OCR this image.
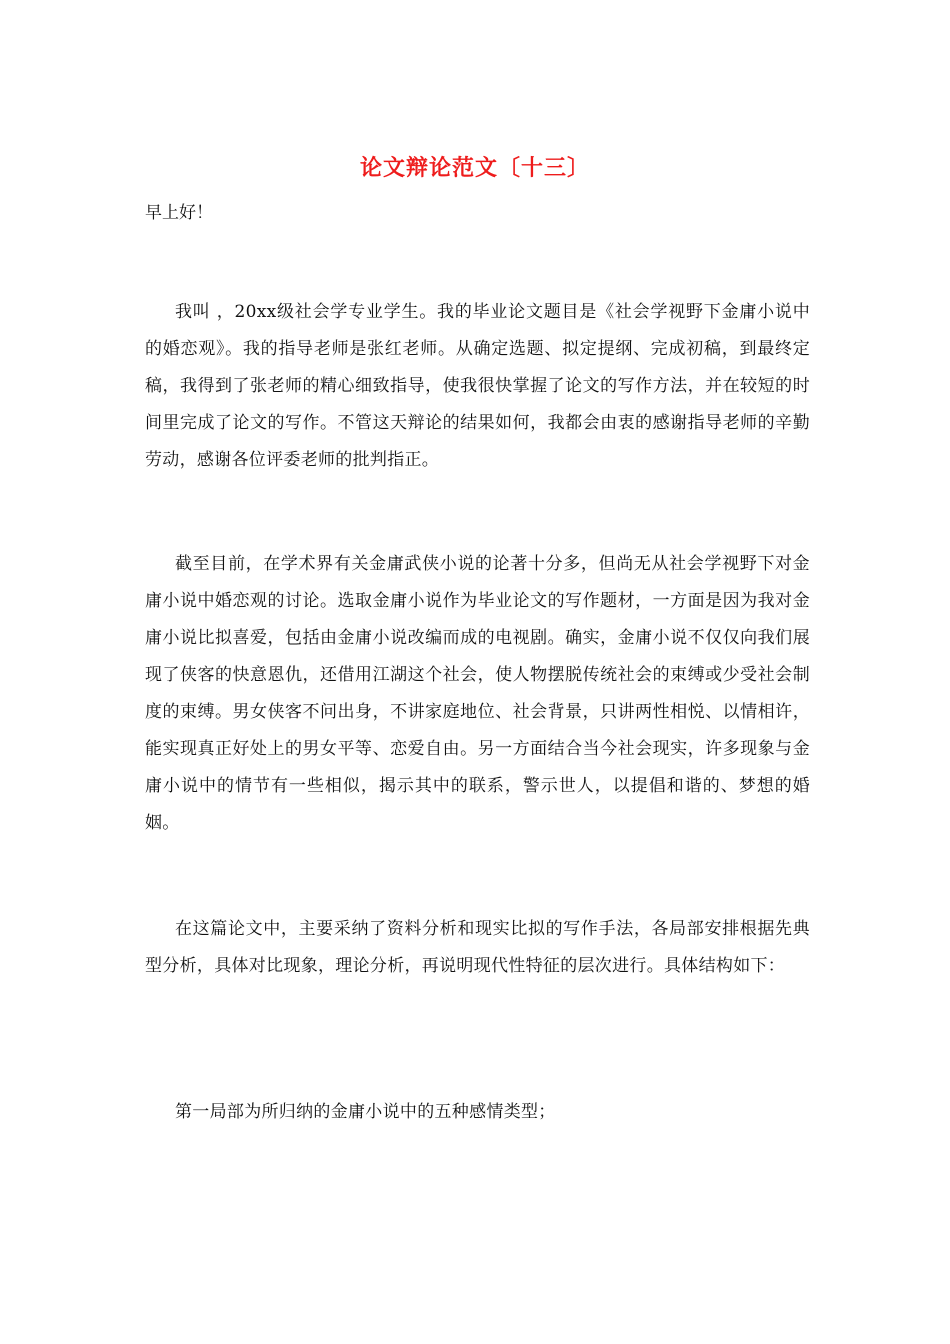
论文辩论范文〔十三〕
早上好！

我叫 ，20xx级社会学专业学生。我的毕业论文题目是《社会学视野下金庸小说中的婚恋观》。我的指导老师是张红老师。从确定选题、拟定提纲、完成初稿，到最终定稿，我得到了张老师的精心细致指导，使我很快掌握了论文的写作方法，并在较短的时间里完成了论文的写作。不管这天辩论的结果如何，我都会由衷的感谢指导老师的辛勤劳动，感谢各位评委老师的批判指正。

截至目前，在学术界有关金庸武侠小说的论著十分多，但尚无从社会学视野下对金庸小说中婚恋观的讨论。选取金庸小说作为毕业论文的写作题材，一方面是因为我对金庸小说比拟喜爱，包括由金庸小说改编而成的电视剧。确实，金庸小说不仅仅向我们展现了侠客的快意恩仇，还借用江湖这个社会，使人物摆脱传统社会的束缚或少受社会制度的束缚。男女侠客不问出身，不讲家庭地位、社会背景，只讲两性相悦、以情相许，能实现真正好处上的男女平等、恋爱自由。另一方面结合当今社会现实，许多现象与金庸小说中的情节有一些相似，揭示其中的联系，警示世人，以提倡和谐的、梦想的婚姻。

在这篇论文中，主要采纳了资料分析和现实比拟的写作手法，各局部安排根据先典型分析，具体对比现象，理论分析，再说明现代性特征的层次进行。具体结构如下：

第一局部为所归纳的金庸小说中的五种感情类型；
